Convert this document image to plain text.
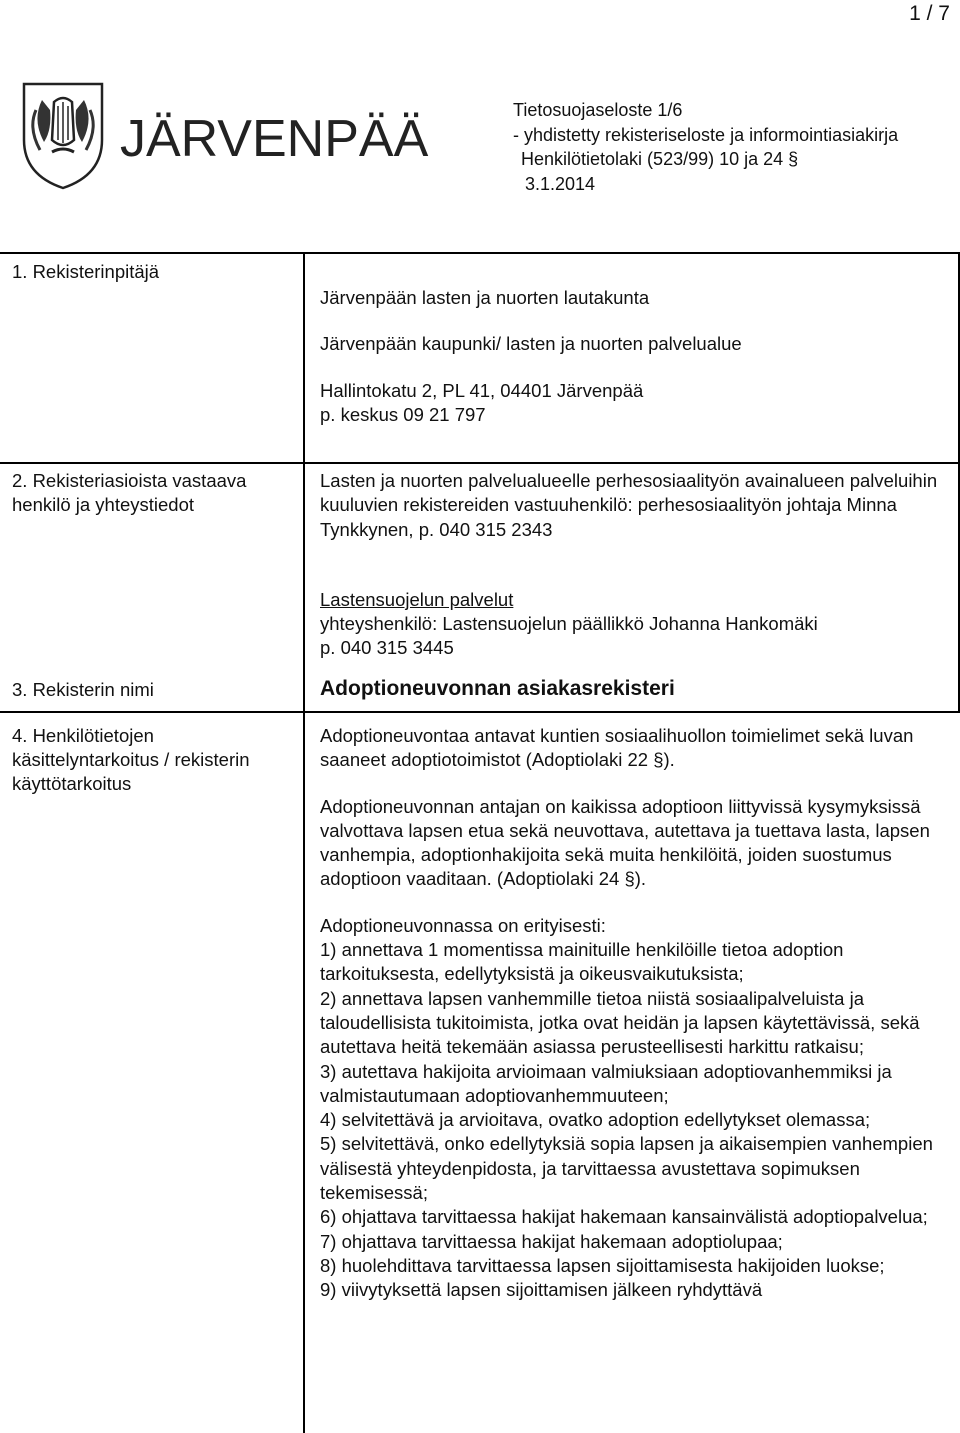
1 / 7
JÄRVENPÄÄ	Tietosuojaseloste 1/6
- yhdistetty rekisteriseloste ja informointiasiakirja
Henkilötietolaki (523/99) 10 ja 24 §
3.1.2014
1. Rekisterinpitäjä

Järvenpään lasten ja nuorten lautakunta

Järvenpään kaupunki/ lasten ja nuorten palvelualue

Hallintokatu 2, PL 41, 04401 Järvenpää

p. keskus 09 21 797

2. Rekisteriasioista vastaava henkilö ja yhteystiedot

Lasten ja nuorten palvelualueelle perhesosiaalityön avainalueen palveluihin kuuluvien rekistereiden vastuuhenkilö: perhesosiaalityön johtaja Minna Tynkkynen, p. 040 315 2343

Lastensuojelun palvelut

yhteyshenkilö: Lastensuojelun päällikkö Johanna Hankomäki

p. 040 315 3445

3. Rekisterin nimi	Adoptioneuvonnan asiakasrekisteri
4. Henkilötietojen käsittelyntarkoitus / rekisterin käyttötarkoitus

Adoptioneuvontaa antavat kuntien sosiaalihuollon toimielimet sekä luvan saaneet adoptiotoimistot (Adoptiolaki 22 §).

Adoptioneuvonnan antajan on kaikissa adoptioon liittyvissä kysymyksissä valvottava lapsen etua sekä neuvottava, autettava ja tuettava lasta, lapsen vanhempia, adoptionhakijoita sekä muita henkilöitä, joiden suostumus adoptioon vaaditaan. (Adoptiolaki 24 §).

Adoptioneuvonnassa on erityisesti:

1) annettava 1 momentissa mainituille henkilöille tietoa adoption tarkoituksesta, edellytyksistä ja oikeusvaikutuksista;

2) annettava lapsen vanhemmille tietoa niistä sosiaalipalveluista ja taloudellisista tukitoimista, jotka ovat heidän ja lapsen käytettävissä, sekä autettava heitä tekemään asiassa perusteellisesti harkittu ratkaisu;

3) autettava hakijoita arvioimaan valmiuksiaan adoptiovanhemmiksi ja valmistautumaan adoptiovanhemmuuteen;

4) selvitettävä ja arvioitava, ovatko adoption edellytykset olemassa;

5) selvitettävä, onko edellytyksiä sopia lapsen ja aikaisempien vanhempien välisestä yhteydenpidosta, ja tarvittaessa avustettava sopimuksen tekemisessä;

6) ohjattava tarvittaessa hakijat hakemaan kansainvälistä adoptiopalvelua;

7) ohjattava tarvittaessa hakijat hakemaan adoptiolupaa;

8) huolehdittava tarvittaessa lapsen sijoittamisesta hakijoiden luokse;

9) viivytyksettä lapsen sijoittamisen jälkeen ryhdyttävä
